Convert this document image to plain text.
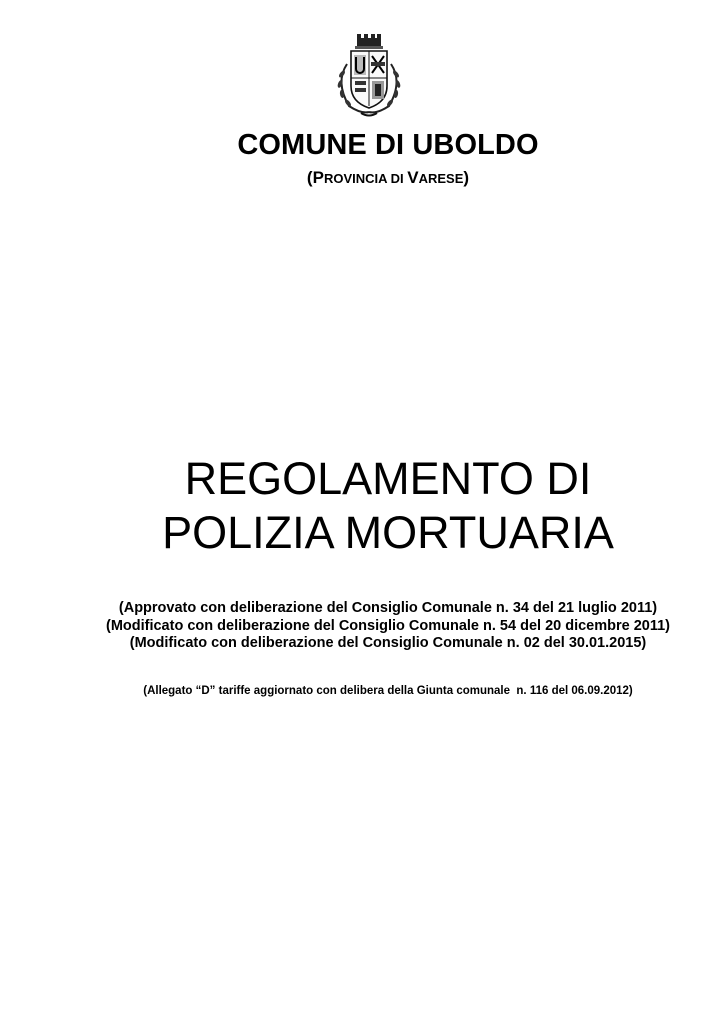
COMUNE DI UBOLDO
(PROVINCIA DI VARESE)
REGOLAMENTO DI
POLIZIA MORTUARIA
(Approvato con deliberazione del Consiglio Comunale n. 34 del 21 luglio 2011)
(Modificato con deliberazione del Consiglio Comunale n. 54 del 20 dicembre 2011)
(Modificato con deliberazione del Consiglio Comunale n. 02 del 30.01.2015)
(Allegato “D” tariffe aggiornato con delibera della Giunta comunale  n. 116 del 06.09.2012)
